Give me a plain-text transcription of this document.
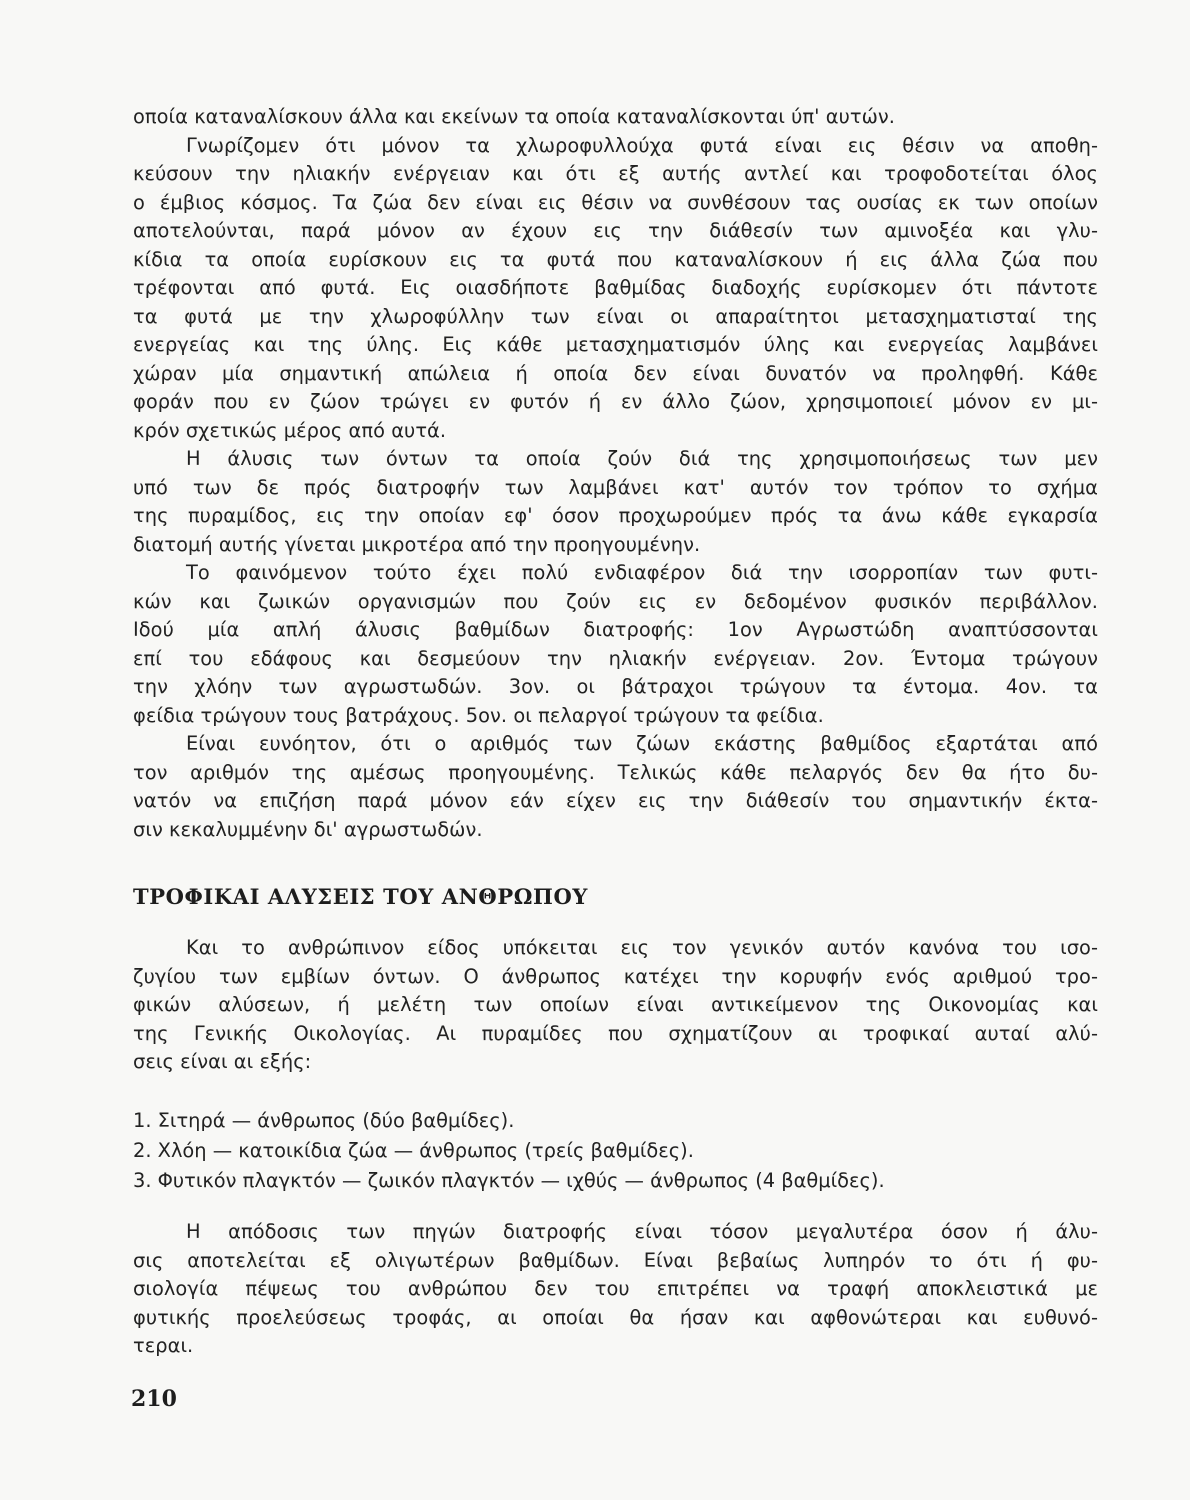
οποία καταναλίσκουν άλλα και εκείνων τα οποία καταναλίσκονται ύπ' αυτών.
Γνωρίζομεν ότι μόνον τα χλωροφυλλούχα φυτά είναι εις θέσιν να αποθη-
κεύσουν την ηλιακήν ενέργειαν και ότι εξ αυτής αντλεί και τροφοδοτείται όλος
ο έμβιος κόσμος. Τα ζώα δεν είναι εις θέσιν να συνθέσουν τας ουσίας εκ των οποίων
αποτελούνται, παρά μόνον αν έχουν εις την διάθεσίν των αμινοξέα και γλυ-
κίδια τα οποία ευρίσκουν εις τα φυτά που καταναλίσκουν ή εις άλλα ζώα που
τρέφονται από φυτά. Εις οιασδήποτε βαθμίδας διαδοχής ευρίσκομεν ότι πάντοτε
τα φυτά με την χλωροφύλλην των είναι οι απαραίτητοι μετασχηματισταί της
ενεργείας και της ύλης. Εις κάθε μετασχηματισμόν ύλης και ενεργείας λαμβάνει
χώραν μία σημαντική απώλεια ή οποία δεν είναι δυνατόν να προληφθή. Κάθε
φοράν που εν ζώον τρώγει εν φυτόν ή εν άλλο ζώον, χρησιμοποιεί μόνον εν μι-
κρόν σχετικώς μέρος από αυτά.
Η άλυσις των όντων τα οποία ζούν διά της χρησιμοποιήσεως των μεν
υπό των δε πρός διατροφήν των λαμβάνει κατ' αυτόν τον τρόπον το σχήμα
της πυραμίδος, εις την οποίαν εφ' όσον προχωρούμεν πρός τα άνω κάθε εγκαρσία
διατομή αυτής γίνεται μικροτέρα από την προηγουμένην.
Το φαινόμενον τούτο έχει πολύ ενδιαφέρον διά την ισορροπίαν των φυτι-
κών και ζωικών οργανισμών που ζούν εις εν δεδομένον φυσικόν περιβάλλον.
Ιδού μία απλή άλυσις βαθμίδων διατροφής: 1ον Αγρωστώδη αναπτύσσονται
επί του εδάφους και δεσμεύουν την ηλιακήν ενέργειαν. 2ον. Έντομα τρώγουν
την χλόην των αγρωστωδών. 3ον. οι βάτραχοι τρώγουν τα έντομα. 4ον. τα
φείδια τρώγουν τους βατράχους. 5ον. οι πελαργοί τρώγουν τα φείδια.
Είναι ευνόητον, ότι ο αριθμός των ζώων εκάστης βαθμίδος εξαρτάται από
τον αριθμόν της αμέσως προηγουμένης. Τελικώς κάθε πελαργός δεν θα ήτο δυ-
νατόν να επιζήση παρά μόνον εάν είχεν εις την διάθεσίν του σημαντικήν έκτα-
σιν κεκαλυμμένην δι' αγρωστωδών.
ΤΡΟΦΙΚΑΙ ΑΛΥΣΕΙΣ ΤΟΥ ΑΝΘΡΩΠΟΥ
Και το ανθρώπινον είδος υπόκειται εις τον γενικόν αυτόν κανόνα του ισο-
ζυγίου των εμβίων όντων. Ο άνθρωπος κατέχει την κορυφήν ενός αριθμού τρο-
φικών αλύσεων, ή μελέτη των οποίων είναι αντικείμενον της Οικονομίας και
της Γενικής Οικολογίας. Αι πυραμίδες που σχηματίζουν αι τροφικαί αυταί αλύ-
σεις είναι αι εξής:
1. Σιτηρά — άνθρωπος (δύο βαθμίδες).
2. Χλόη — κατοικίδια ζώα — άνθρωπος (τρείς βαθμίδες).
3. Φυτικόν πλαγκτόν — ζωικόν πλαγκτόν — ιχθύς — άνθρωπος (4 βαθμίδες).
Η απόδοσις των πηγών διατροφής είναι τόσον μεγαλυτέρα όσον ή άλυ-
σις αποτελείται εξ ολιγωτέρων βαθμίδων. Είναι βεβαίως λυπηρόν το ότι ή φυ-
σιολογία πέψεως του ανθρώπου δεν του επιτρέπει να τραφή αποκλειστικά με
φυτικής προελεύσεως τροφάς, αι οποίαι θα ήσαν και αφθονώτεραι και ευθυνό-
τεραι.
210
